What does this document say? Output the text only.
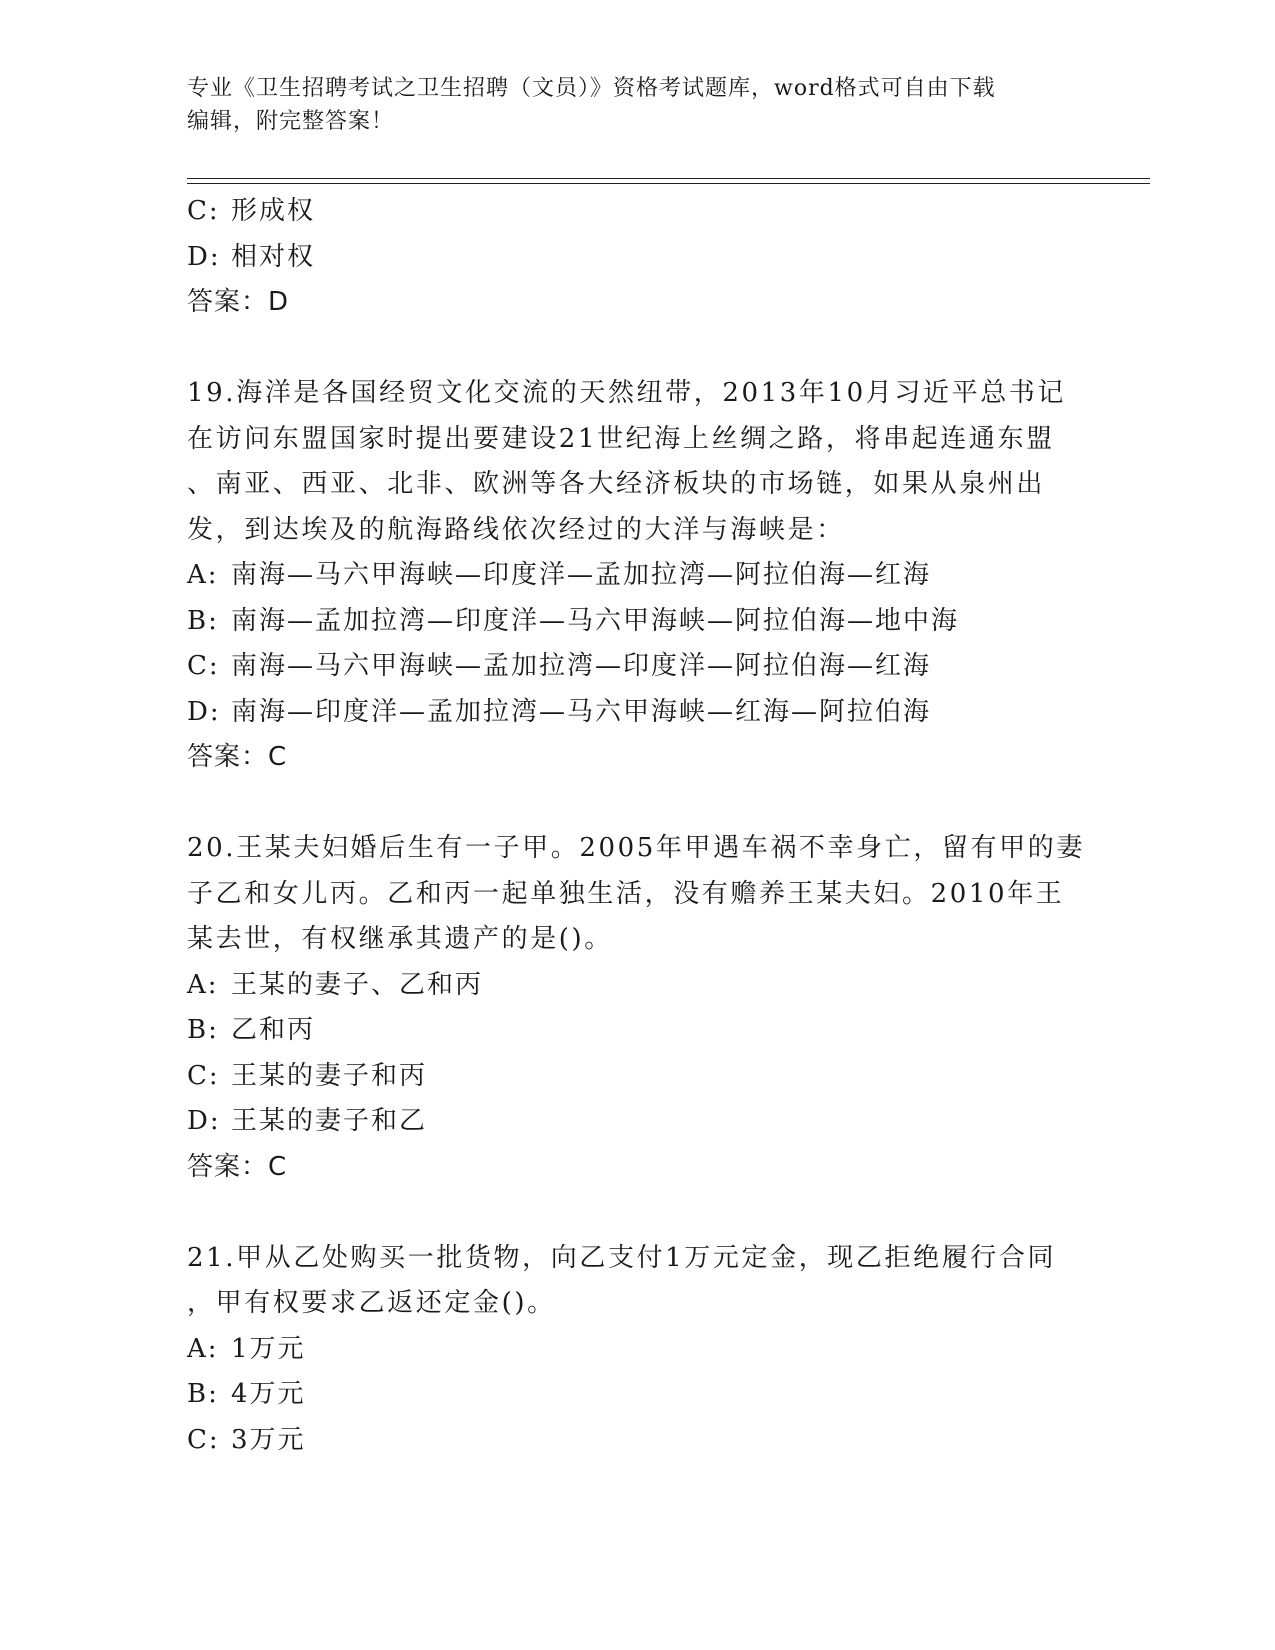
专业《卫生招聘考试之卫生招聘（文员）》资格考试题库，word格式可自由下载
编辑，附完整答案！
C: 形成权
D: 相对权
答案：D
19.海洋是各国经贸文化交流的天然纽带，2013年10月习近平总书记
在访问东盟国家时提出要建设21世纪海上丝绸之路，将串起连通东盟
、南亚、西亚、北非、欧洲等各大经济板块的市场链，如果从泉州出
发，到达埃及的航海路线依次经过的大洋与海峡是：
A: 南海—马六甲海峡—印度洋—孟加拉湾—阿拉伯海—红海
B: 南海—孟加拉湾—印度洋—马六甲海峡—阿拉伯海—地中海
C: 南海—马六甲海峡—孟加拉湾—印度洋—阿拉伯海—红海
D: 南海—印度洋—孟加拉湾—马六甲海峡—红海—阿拉伯海
答案：C
20.王某夫妇婚后生有一子甲。2005年甲遇车祸不幸身亡，留有甲的妻
子乙和女儿丙。乙和丙一起单独生活，没有赡养王某夫妇。2010年王
某去世，有权继承其遗产的是()。
A: 王某的妻子、乙和丙
B: 乙和丙
C: 王某的妻子和丙
D: 王某的妻子和乙
答案：C
21.甲从乙处购买一批货物，向乙支付1万元定金，现乙拒绝履行合同
，甲有权要求乙返还定金()。
A: 1万元
B: 4万元
C: 3万元
